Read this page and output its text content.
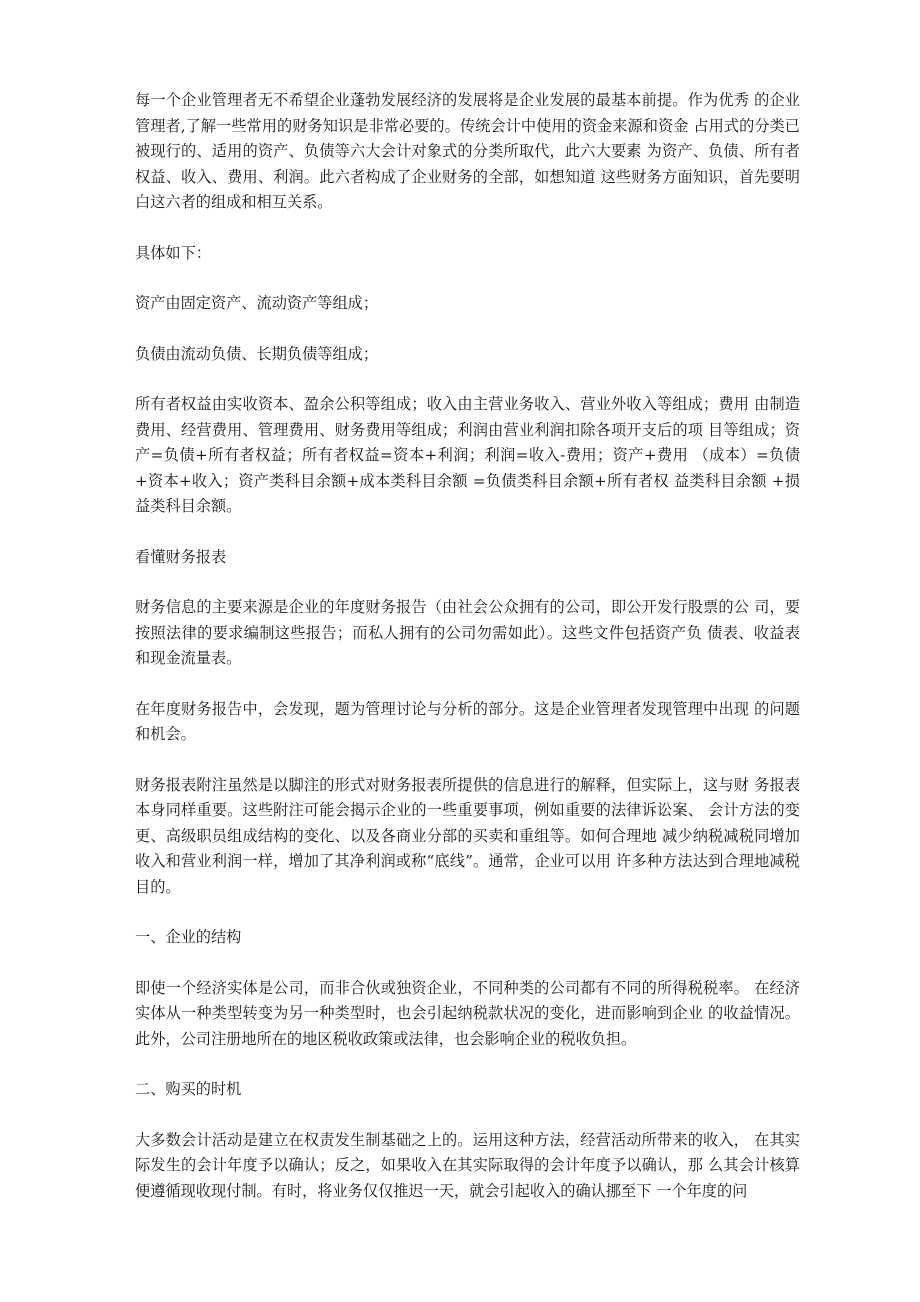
每一个企业管理者无不希望企业蓬勃发展经济的发展将是企业发展的最基本前提。作为优秀 的企业管理者,了解一些常用的财务知识是非常必要的。传统会计中使用的资金来源和资金 占用式的分类已被现行的、适用的资产、负债等六大会计对象式的分类所取代，此六大要素 为资产、负债、所有者权益、收入、费用、利润。此六者构成了企业财务的全部，如想知道 这些财务方面知识，首先要明白这六者的组成和相互关系。

具体如下：

资产由固定资产、流动资产等组成；

负债由流动负债、长期负债等组成；

所有者权益由实收资本、盈余公积等组成；收入由主营业务收入、营业外收入等组成；费用 由制造费用、经营费用、管理费用、财务费用等组成；利润由营业利润扣除各项开支后的项 目等组成；资产=负债+所有者权益；所有者权益=资本+利润；利润=收入-费用；资产+费用 （成本）=负债+资本+收入；资产类科目余额+成本类科目余额 =负债类科目余额+所有者权 益类科目余额 +损益类科目余额。

看懂财务报表

财务信息的主要来源是企业的年度财务报告（由社会公众拥有的公司，即公开发行股票的公 司，要按照法律的要求编制这些报告；而私人拥有的公司勿需如此）。这些文件包括资产负 债表、收益表和现金流量表。

在年度财务报告中，会发现，题为管理讨论与分析的部分。这是企业管理者发现管理中出现 的问题和机会。

财务报表附注虽然是以脚注的形式对财务报表所提供的信息进行的解释，但实际上，这与财 务报表本身同样重要。这些附注可能会揭示企业的一些重要事项，例如重要的法律诉讼案、 会计方法的变更、高级职员组成结构的变化、以及各商业分部的买卖和重组等。如何合理地 减少纳税减税同增加收入和营业利润一样，增加了其净利润或称“底线”。通常，企业可以用 许多种方法达到合理地减税目的。

一、企业的结构

即使一个经济实体是公司，而非合伙或独资企业，不同种类的公司都有不同的所得税税率。 在经济实体从一种类型转变为另一种类型时，也会引起纳税款状况的变化，进而影响到企业 的收益情况。此外，公司注册地所在的地区税收政策或法律，也会影响企业的税收负担。

二、购买的时机

大多数会计活动是建立在权责发生制基础之上的。运用这种方法，经营活动所带来的收入， 在其实际发生的会计年度予以确认；反之，如果收入在其实际取得的会计年度予以确认，那 么其会计核算便遵循现收现付制。有时，将业务仅仅推迟一天，就会引起收入的确认挪至下 一个年度的问
